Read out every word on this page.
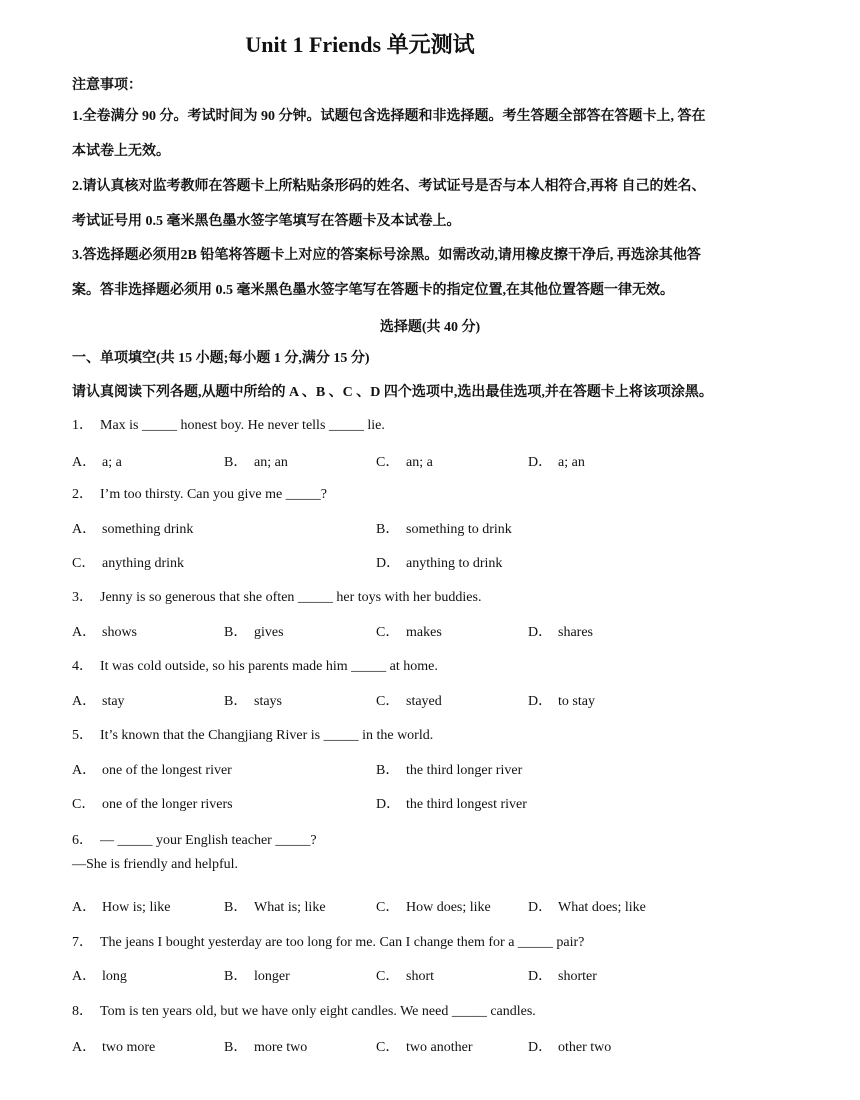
Unit 1 Friends 单元测试
注意事项：
1.全卷满分 90 分。考试时间为 90 分钟。试题包含选择题和非选择题。考生答题全部答在答题卡上, 答在
本试卷上无效。
2.请认真核对监考教师在答题卡上所粘贴条形码的姓名、考试证号是否与本人相符合,再将 自己的姓名、
考试证号用 0.5 毫米黑色墨水签字笔填写在答题卡及本试卷上。
3.答选择题必须用2B 铅笔将答题卡上对应的答案标号涂黑。如需改动,请用橡皮擦干净后, 再选涂其他答
案。答非选择题必须用 0.5 毫米黑色墨水签字笔写在答题卡的指定位置,在其他位置答题一律无效。
选择题(共 40 分)
一、单项填空(共 15 小题;每小题 1 分,满分 15 分)
请认真阅读下列各题,从题中所给的 A 、B 、C 、D 四个选项中,选出最佳选项,并在答题卡上将该项涂黑。
1． Max is _____ honest boy. He never tells _____ lie.
A． a; a	B． an; an	C． an; a	D． a; an
2． I’m too thirsty. Can you give me _____?
A． something drink	B． something to drink
C． anything drink	D． anything to drink
3． Jenny is so generous that she often _____ her toys with her buddies.
A． shows	B． gives	C． makes	D． shares
4． It was cold outside, so his parents made him _____ at home.
A． stay	B． stays	C． stayed	D． to stay
5． It’s known that the Changjiang River is _____ in the world.
A． one of the longest river	B． the third longer river
C． one of the longer rivers	D． the third longest river
6． — _____ your English teacher _____?
—She is friendly and helpful.
A． How is; like	B． What is; like	C． How does; like	D． What does; like
7． The jeans I bought yesterday are too long for me. Can I change them for a _____ pair?
A． long	B． longer	C． short	D． shorter
8． Tom is ten years old, but we have only eight candles. We need _____ candles.
A． two more	B． more two	C． two another	D． other two
